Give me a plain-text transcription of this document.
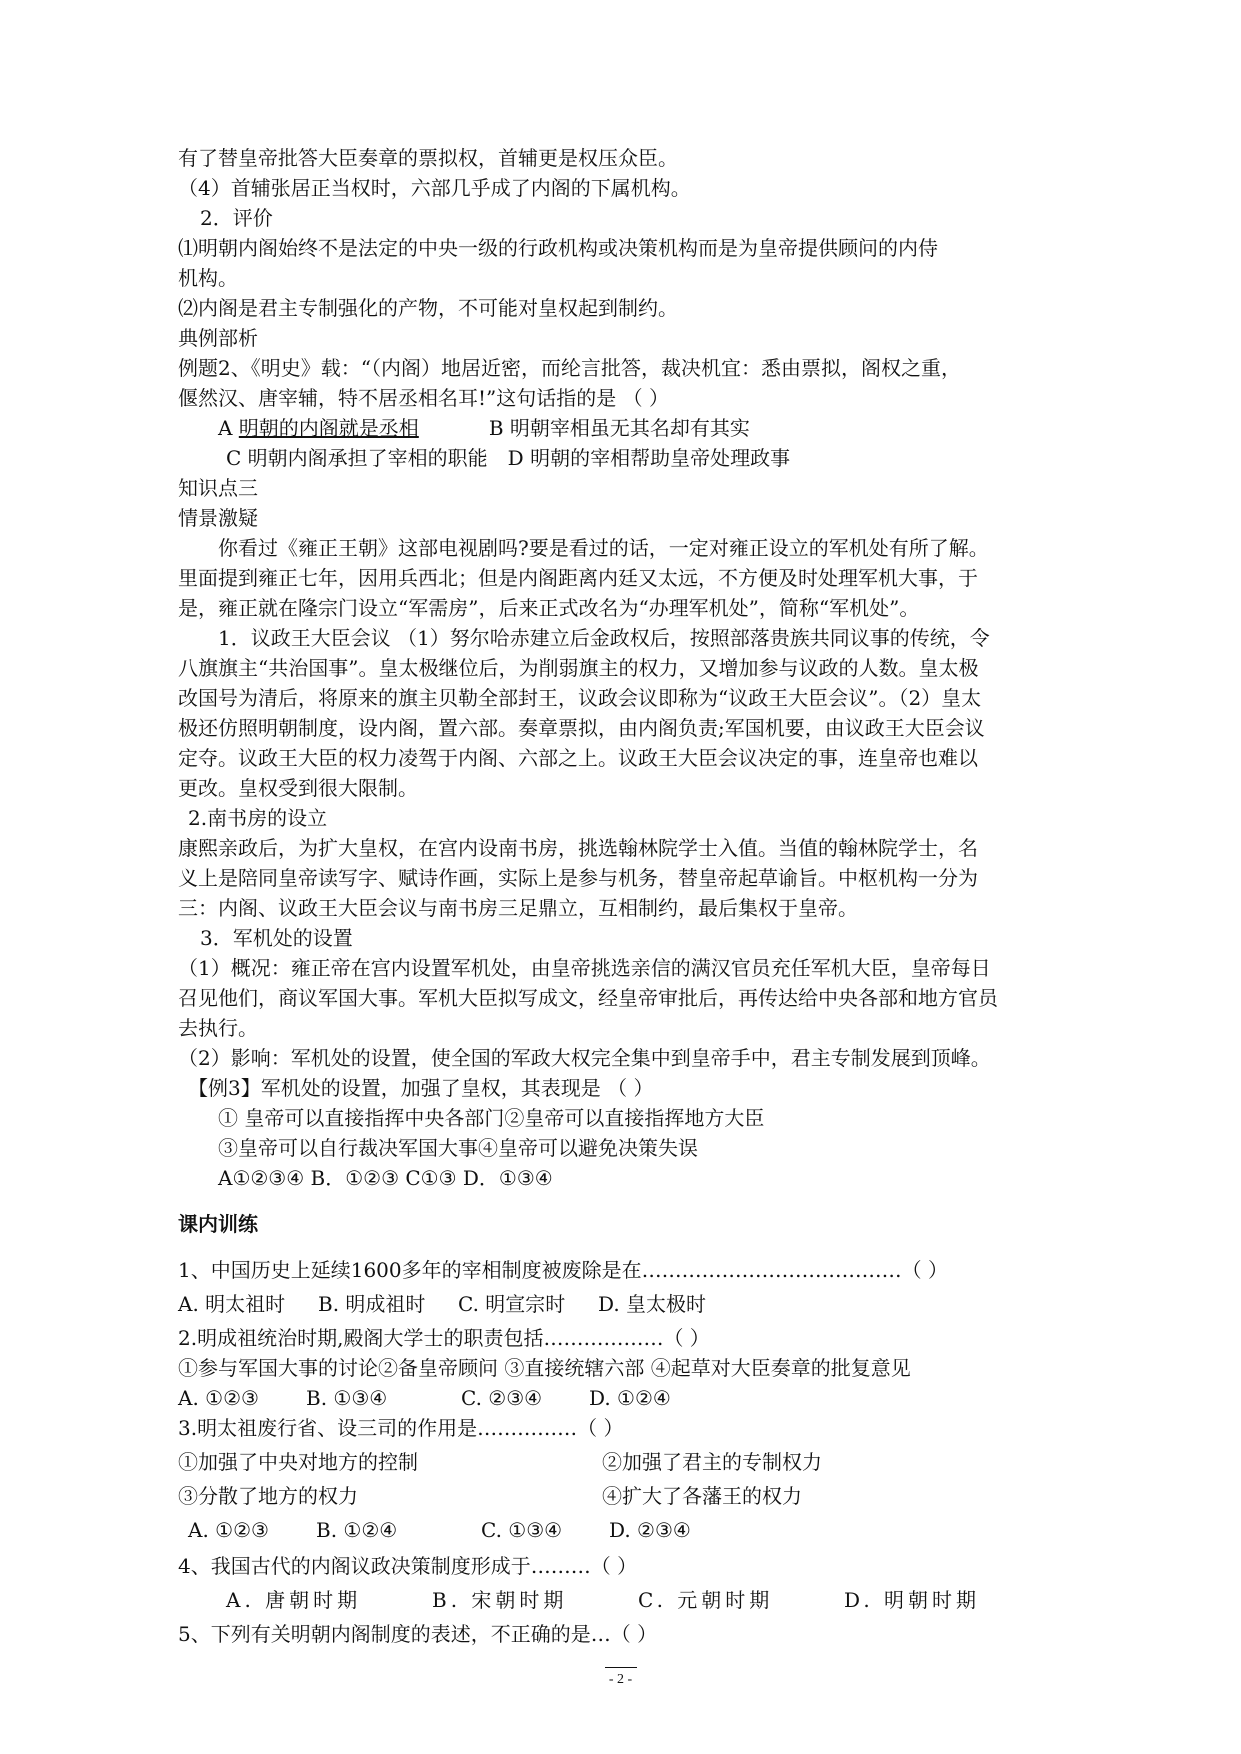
有了替皇帝批答大臣奏章的票拟权，首辅更是权压众臣。
（4）首辅张居正当权时，六部几乎成了内阁的下属机构。
2．评价
⑴明朝内阁始终不是法定的中央一级的行政机构或决策机构而是为皇帝提供顾问的内侍
机构。
⑵内阁是君主专制强化的产物，不可能对皇权起到制约。
典例部析
例题2、《明史》载：“（内阁）地居近密，而纶言批答，裁决机宜：悉由票拟，阁权之重，
偃然汉、唐宰辅，特不居丞相名耳!”这句话指的是 （ ）
A 明朝的内阁就是丞相	B 明朝宰相虽无其名却有其实
C 明朝内阁承担了宰相的职能 D 明朝的宰相帮助皇帝处理政事
知识点三
情景激疑
你看过《雍正王朝》这部电视剧吗?要是看过的话，一定对雍正设立的军机处有所了解。
里面提到雍正七年，因用兵西北；但是内阁距离内廷又太远，不方便及时处理军机大事，于
是，雍正就在隆宗门设立“军需房”，后来正式改名为“办理军机处”，简称“军机处”。
1．议政王大臣会议 （1）努尔哈赤建立后金政权后，按照部落贵族共同议事的传统，令
八旗旗主“共治国事”。皇太极继位后，为削弱旗主的权力，又增加参与议政的人数。皇太极
改国号为清后，将原来的旗主贝勒全部封王，议政会议即称为“议政王大臣会议”。（2）皇太
极还仿照明朝制度，设内阁，置六部。奏章票拟，由内阁负责;军国机要，由议政王大臣会议
定夺。议政王大臣的权力凌驾于内阁、六部之上。议政王大臣会议决定的事，连皇帝也难以
更改。皇权受到很大限制。
2.南书房的设立
康熙亲政后，为扩大皇权，在宫内设南书房，挑选翰林院学士入值。当值的翰林院学士，名
义上是陪同皇帝读写字、赋诗作画，实际上是参与机务，替皇帝起草谕旨。中枢机构一分为
三：内阁、议政王大臣会议与南书房三足鼎立，互相制约，最后集权于皇帝。
3．军机处的设置
（1）概况：雍正帝在宫内设置军机处，由皇帝挑选亲信的满汉官员充任军机大臣，皇帝每日
召见他们，商议军国大事。军机大臣拟写成文，经皇帝审批后，再传达给中央各部和地方官员
去执行。
（2）影响：军机处的设置，使全国的军政大权完全集中到皇帝手中，君主专制发展到顶峰。
【例3】军机处的设置，加强了皇权，其表现是 （ ）
① 皇帝可以直接指挥中央各部门②皇帝可以直接指挥地方大臣
③皇帝可以自行裁决军国大事④皇帝可以避免决策失误
A①②③④ B．①②③ C①③ D．①③④
课内训练
1、中国历史上延续1600多年的宰相制度被废除是在…………………………………（ ）
A. 明太祖时 B. 明成祖时 C. 明宣宗时 D. 皇太极时
2.明成祖统治时期,殿阁大学士的职责包括………………（ ）
①参与军国大事的讨论②备皇帝顾问 ③直接统辖六部 ④起草对大臣奏章的批复意见
A. ①②③ B. ①③④	C. ②③④ D. ①②④
3.明太祖废行省、设三司的作用是……………（ ）
①加强了中央对地方的控制	②加强了君主的专制权力
③分散了地方的权力	④扩大了各藩王的权力
A. ①②③ B. ①②④	C. ①③④ D. ②③④
4、我国古代的内阁议政决策制度形成于………（ ）
A. 唐朝时期	B. 宋朝时期	C. 元朝时期	D. 明朝时期
5、下列有关明朝内阁制度的表述，不正确的是…（ ）
- 2 -
